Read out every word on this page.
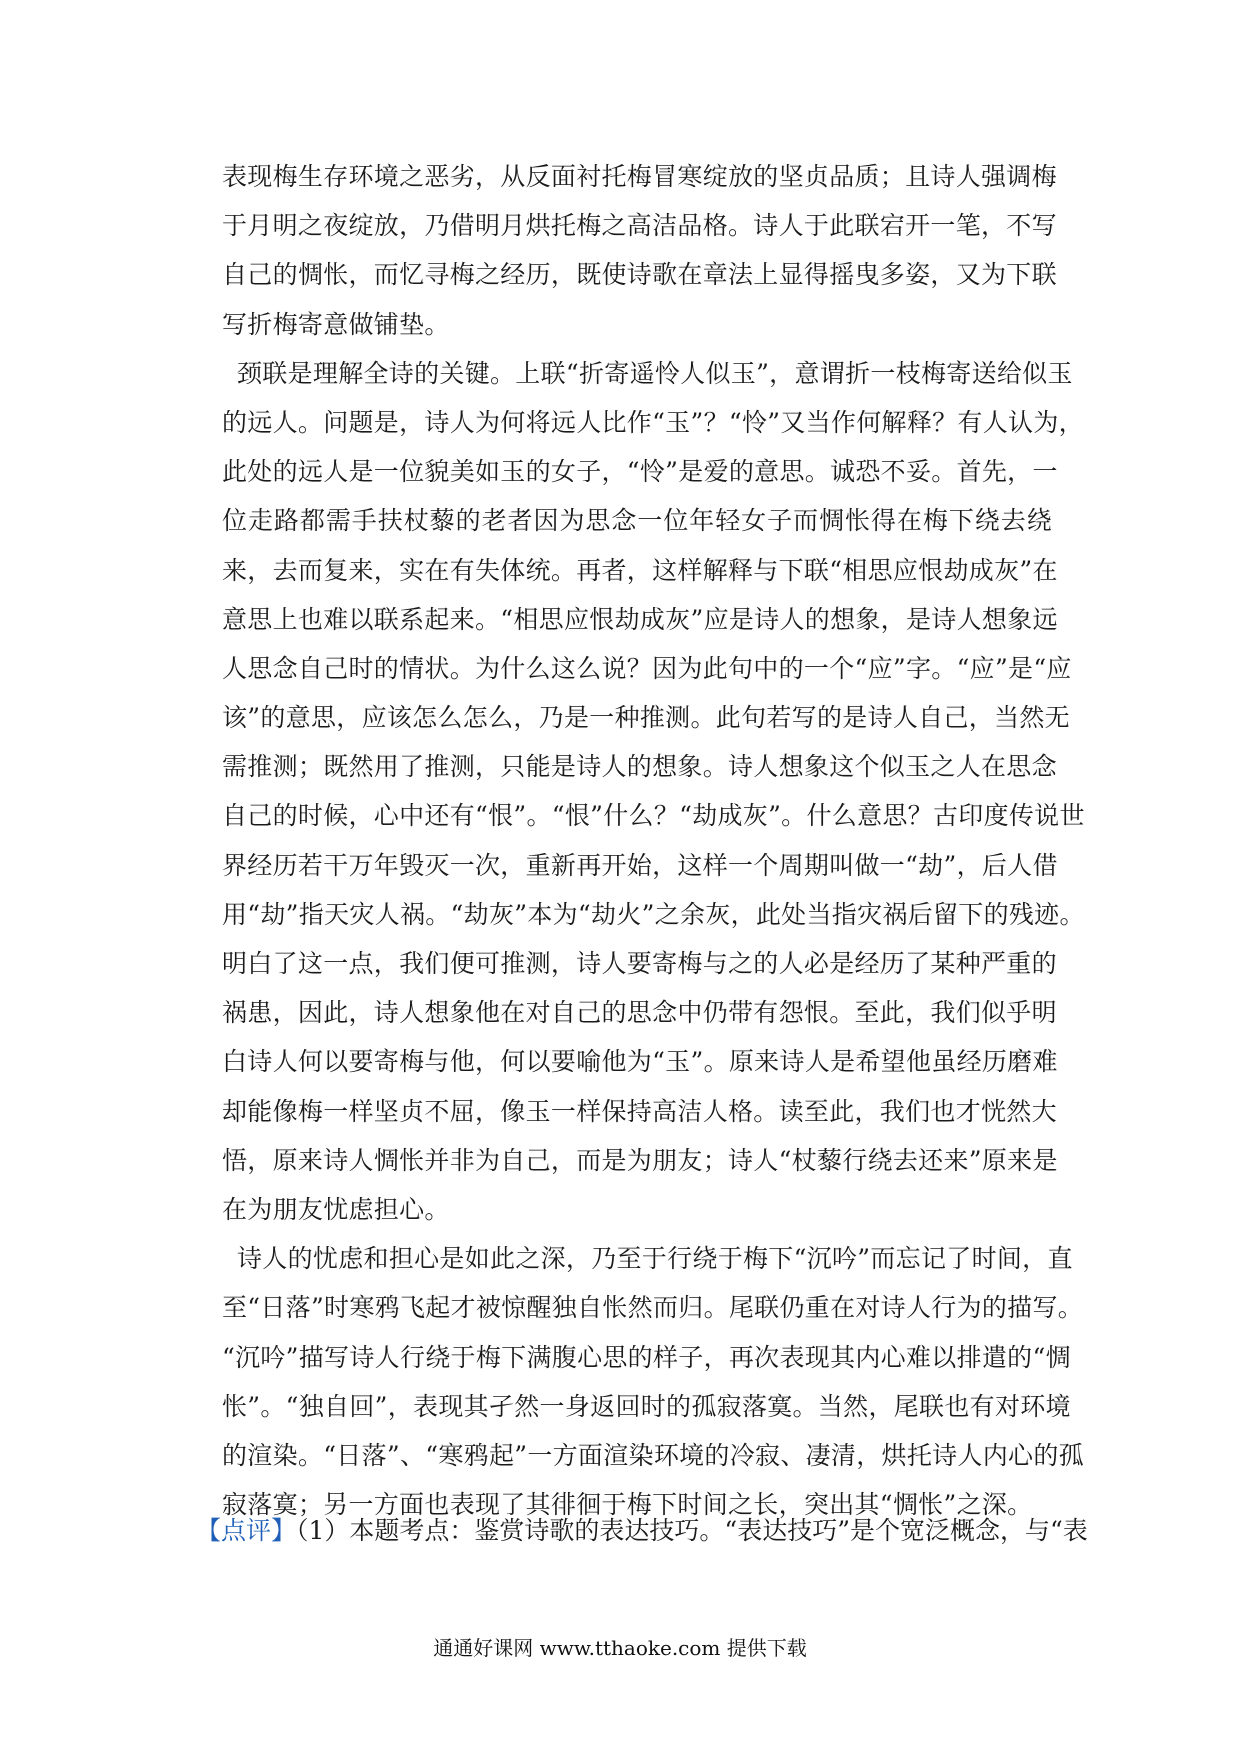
表现梅生存环境之恶劣，从反面衬托梅冒寒绽放的坚贞品质；且诗人强调梅
于月明之夜绽放，乃借明月烘托梅之高洁品格。诗人于此联宕开一笔，不写
自己的惆怅，而忆寻梅之经历，既使诗歌在章法上显得摇曳多姿，又为下联
写折梅寄意做铺垫。
颈联是理解全诗的关键。上联“折寄遥怜人似玉”，意谓折一枝梅寄送给似玉
的远人。问题是，诗人为何将远人比作“玉”？“怜”又当作何解释？有人认为，
此处的远人是一位貌美如玉的女子，“怜”是爱的意思。诚恐不妥。首先，一
位走路都需手扶杖藜的老者因为思念一位年轻女子而惆怅得在梅下绕去绕
来，去而复来，实在有失体统。再者，这样解释与下联“相思应恨劫成灰”在
意思上也难以联系起来。“相思应恨劫成灰”应是诗人的想象，是诗人想象远
人思念自己时的情状。为什么这么说？因为此句中的一个“应”字。“应”是“应
该”的意思，应该怎么怎么，乃是一种推测。此句若写的是诗人自己，当然无
需推测；既然用了推测，只能是诗人的想象。诗人想象这个似玉之人在思念
自己的时候，心中还有“恨”。“恨”什么？“劫成灰”。什么意思？古印度传说世
界经历若干万年毁灭一次，重新再开始，这样一个周期叫做一“劫”，后人借
用“劫”指天灾人祸。“劫灰”本为“劫火”之余灰，此处当指灾祸后留下的残迹。
明白了这一点，我们便可推测，诗人要寄梅与之的人必是经历了某种严重的
祸患，因此，诗人想象他在对自己的思念中仍带有怨恨。至此，我们似乎明
白诗人何以要寄梅与他，何以要喻他为“玉”。原来诗人是希望他虽经历磨难
却能像梅一样坚贞不屈，像玉一样保持高洁人格。读至此，我们也才恍然大
悟，原来诗人惆怅并非为自己，而是为朋友；诗人“杖藜行绕去还来”原来是
在为朋友忧虑担心。
诗人的忧虑和担心是如此之深，乃至于行绕于梅下“沉吟”而忘记了时间，直
至“日落”时寒鸦飞起才被惊醒独自怅然而归。尾联仍重在对诗人行为的描写。
“沉吟”描写诗人行绕于梅下满腹心思的样子，再次表现其内心难以排遣的“惆
怅”。“独自回”，表现其孑然一身返回时的孤寂落寞。当然，尾联也有对环境
的渲染。“日落”、“寒鸦起”一方面渲染环境的冷寂、凄清，烘托诗人内心的孤
寂落寞；另一方面也表现了其徘徊于梅下时间之长，突出其“惆怅”之深。
【点评】（1）本题考点：鉴赏诗歌的表达技巧。“表达技巧”是个宽泛概念，与“表
通通好课网 www.tthaoke.com 提供下载
